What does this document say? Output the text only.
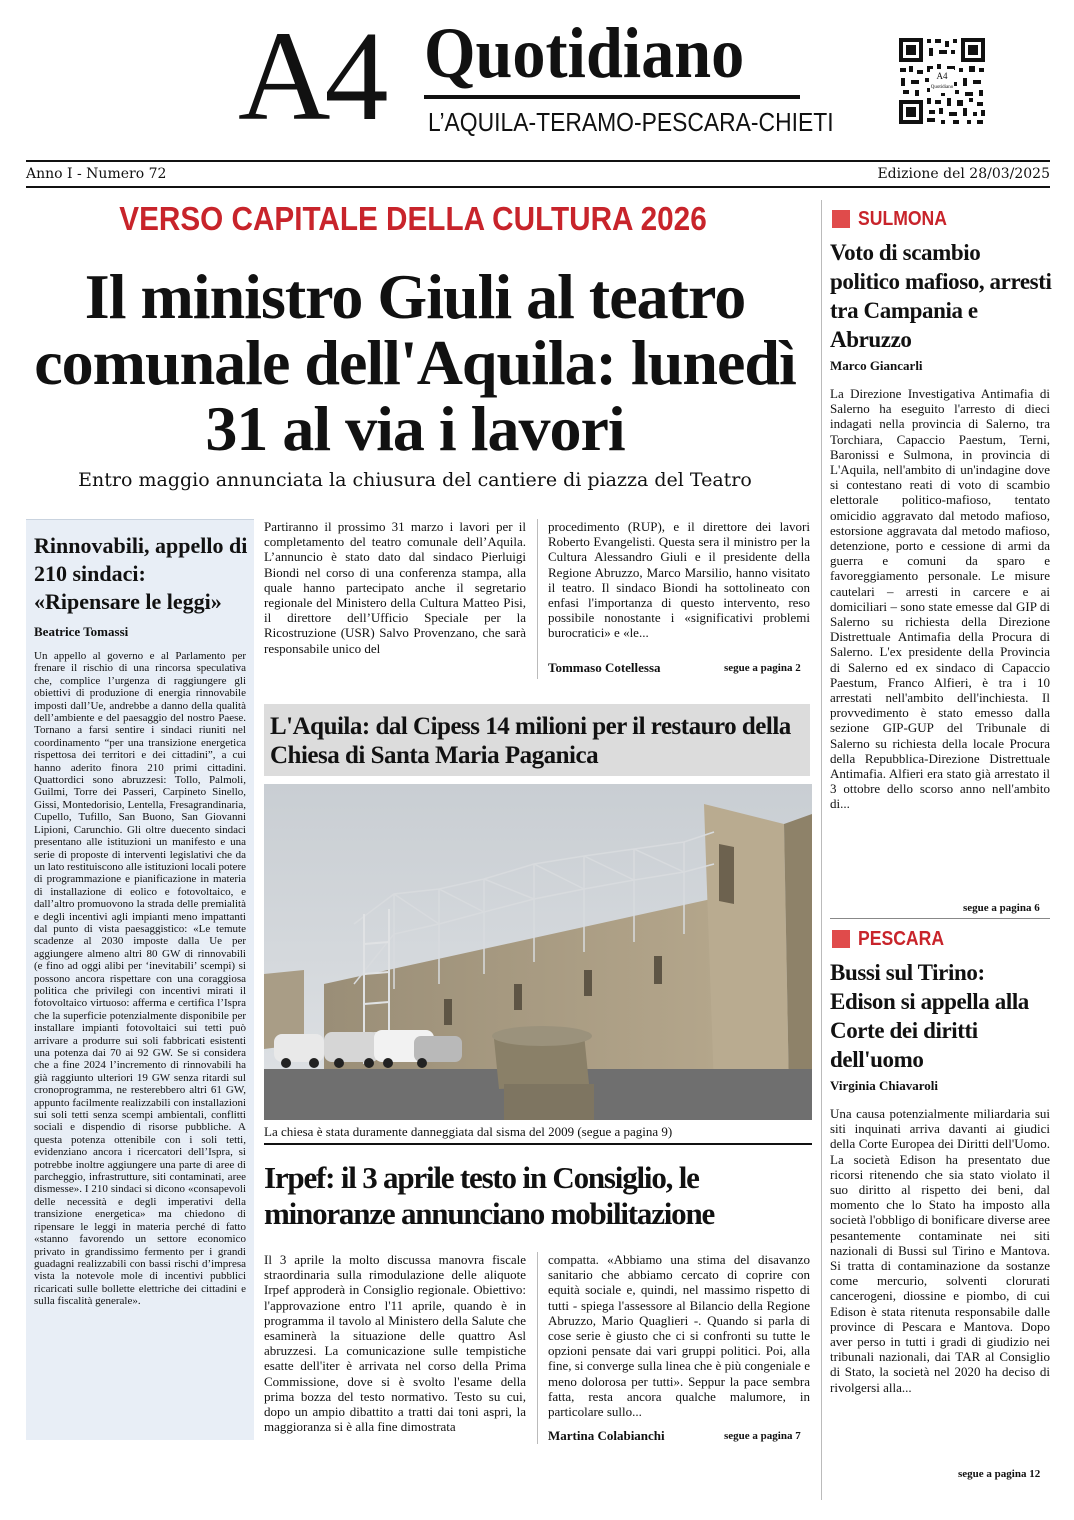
A4 Quotidiano
L’AQUILA-TERAMO-PESCARA-CHIETI
A4
Quotidiano
Anno I - Numero 72	Edizione del 28/03/2025
VERSO CAPITALE DELLA CULTURA 2026
Il ministro Giuli al teatro comunale dell'Aquila: lunedì 31 al via i lavori
Entro maggio annunciata la chiusura del cantiere di piazza del Teatro
Rinnovabili, appello di 210 sindaci: «Ripensare le leggi»
Beatrice Tomassi
Un appello al governo e al Parlamento per frenare il rischio di una rincorsa speculativa che, complice l’urgenza di raggiungere gli obiettivi di produzione di energia rinnovabile imposti dall’Ue, andrebbe a danno della qualità dell’ambiente e del paesaggio del nostro Paese. Tornano a farsi sentire i sindaci riuniti nel coordinamento “per una transizione energetica rispettosa dei territori e dei cittadini”, a cui hanno aderito finora 210 primi cittadini. Quattordici sono abruzzesi: Tollo, Palmoli, Guilmi, Torre dei Passeri, Carpineto Sinello, Gissi, Montedorisio, Lentella, Fresagrandinaria, Cupello, Tufillo, San Buono, San Giovanni Lipioni, Carunchio. Gli oltre duecento sindaci presentano alle istituzioni un manifesto e una serie di proposte di interventi legislativi che da un lato restituiscono alle istituzioni locali potere di programmazione e pianificazione in materia di installazione di eolico e fotovoltaico, e dall’altro promuovono la strada delle premialità e degli incentivi agli impianti meno impattanti dal punto di vista paesaggistico: «Le temute scadenze al 2030 imposte dalla Ue per aggiungere almeno altri 80 GW di rinnovabili (e fino ad oggi alibi per ‘inevitabili’ scempi) si possono ancora rispettare con una coraggiosa politica che privilegi con incentivi mirati il fotovoltaico virtuoso: afferma e certifica l’Ispra che la superficie potenzialmente disponibile per installare impianti fotovoltaici sui tetti può arrivare a produrre sui soli fabbricati esistenti una potenza dai 70 ai 92 GW. Se si considera che a fine 2024 l’incremento di rinnovabili ha già raggiunto ulteriori 19 GW senza ritardi sul cronoprogramma, ne resterebbero altri 61 GW, appunto facilmente realizzabili con installazioni sui soli tetti senza scempi ambientali, conflitti sociali e dispendio di risorse pubbliche. A questa potenza ottenibile con i soli tetti, evidenziano ancora i ricercatori dell’Ispra, si potrebbe inoltre aggiungere una parte di aree di parcheggio, infrastrutture, siti contaminati, aree dismesse». I 210 sindaci si dicono «consapevoli delle necessità e degli imperativi della transizione energetica» ma chiedono di ripensare le leggi in materia perché di fatto «stanno favorendo un settore economico privato in grandissimo fermento per i grandi guadagni realizzabili con bassi rischi d’impresa vista la notevole mole di incentivi pubblici ricaricati sulle bollette elettriche dei cittadini e sulla fiscalità generale».
Partiranno il prossimo 31 marzo i lavori per il completamento del teatro comunale dell’Aquila. L’annuncio è stato dato dal sindaco Pierluigi Biondi nel corso di una conferenza stampa, alla quale hanno partecipato anche il segretario regionale del Ministero della Cultura Matteo Pisi, il direttore dell’Ufficio Speciale per la Ricostruzione (USR) Salvo Provenzano, che sarà responsabile unico del
procedimento (RUP), e il direttore dei lavori Roberto Evangelisti. Questa sera il ministro per la Cultura Alessandro Giuli e il presidente della Regione Abruzzo, Marco Marsilio, hanno visitato il teatro. Il sindaco Biondi ha sottolineato con enfasi l'importanza di questo intervento, reso possibile nonostante i «significativi problemi burocratici» e «le...
Tommaso Cotellessa	segue a pagina 2
L'Aquila: dal Cipess 14 milioni per il restauro della Chiesa di Santa Maria Paganica
La chiesa è stata duramente danneggiata dal sisma del 2009 (segue a pagina 9)
Irpef: il 3 aprile testo in Consiglio, le minoranze annunciano mobilitazione
Il 3 aprile la molto discussa manovra fiscale straordinaria sulla rimodulazione delle aliquote Irpef approderà in Consiglio regionale. Obiettivo: l'approvazione entro l'11 aprile, quando è in programma il tavolo al Ministero della Salute che esaminerà la situazione delle quattro Asl abruzzesi. La comunicazione sulle tempistiche esatte dell'iter è arrivata nel corso della Prima Commissione, dove si è svolto l'esame della prima bozza del testo normativo. Testo su cui, dopo un ampio dibattito a tratti dai toni aspri, la maggioranza si è alla fine dimostrata
compatta. «Abbiamo una stima del disavanzo sanitario che abbiamo cercato di coprire con equità sociale e, quindi, nel massimo rispetto di tutti - spiega l'assessore al Bilancio della Regione Abruzzo, Mario Quaglieri -. Quando si parla di cose serie è giusto che ci si confronti su tutte le opzioni pensate dai vari gruppi politici. Poi, alla fine, si converge sulla linea che è più congeniale e meno dolorosa per tutti». Seppur la pace sembra fatta, resta ancora qualche malumore, in particolare sullo...
Martina Colabianchi	segue a pagina 7
SULMONA
Voto di scambio politico mafioso, arresti tra Campania e Abruzzo
Marco Giancarli
La Direzione Investigativa Antimafia di Salerno ha eseguito l'arresto di dieci indagati nella provincia di Salerno, tra Torchiara, Capaccio Paestum, Terni, Baronissi e Sulmona, in provincia di L'Aquila, nell'ambito di un'indagine dove si contestano reati di voto di scambio elettorale politico-mafioso, tentato omicidio aggravato dal metodo mafioso, estorsione aggravata dal metodo mafioso, detenzione, porto e cessione di armi da guerra e comuni da sparo e favoreggiamento personale. Le misure cautelari – arresti in carcere e ai domiciliari – sono state emesse dal GIP di Salerno su richiesta della Direzione Distrettuale Antimafia della Procura di Salerno. L'ex presidente della Provincia di Salerno ed ex sindaco di Capaccio Paestum, Franco Alfieri, è tra i 10 arrestati nell'ambito dell'inchiesta. Il provvedimento è stato emesso dalla sezione GIP-GUP del Tribunale di Salerno su richiesta della locale Procura della Repubblica-Direzione Distrettuale Antimafia. Alfieri era stato già arrestato il 3 ottobre dello scorso anno nell'ambito di...
segue a pagina 6
PESCARA
Bussi sul Tirino: Edison si appella alla Corte dei diritti dell'uomo
Virginia Chiavaroli
Una causa potenzialmente miliardaria sui siti inquinati arriva davanti ai giudici della Corte Europea dei Diritti dell'Uomo. La società Edison ha presentato due ricorsi ritenendo che sia stato violato il suo diritto al rispetto dei beni, dal momento che lo Stato ha imposto alla società l'obbligo di bonificare diverse aree pesantemente contaminate nei siti nazionali di Bussi sul Tirino e Mantova. Si tratta di contaminazione da sostanze come mercurio, solventi clorurati cancerogeni, diossine e piombo, di cui Edison è stata ritenuta responsabile dalle province di Pescara e Mantova. Dopo aver perso in tutti i gradi di giudizio nei tribunali nazionali, dai TAR al Consiglio di Stato, la società nel 2020 ha deciso di rivolgersi alla...
segue a pagina 12
